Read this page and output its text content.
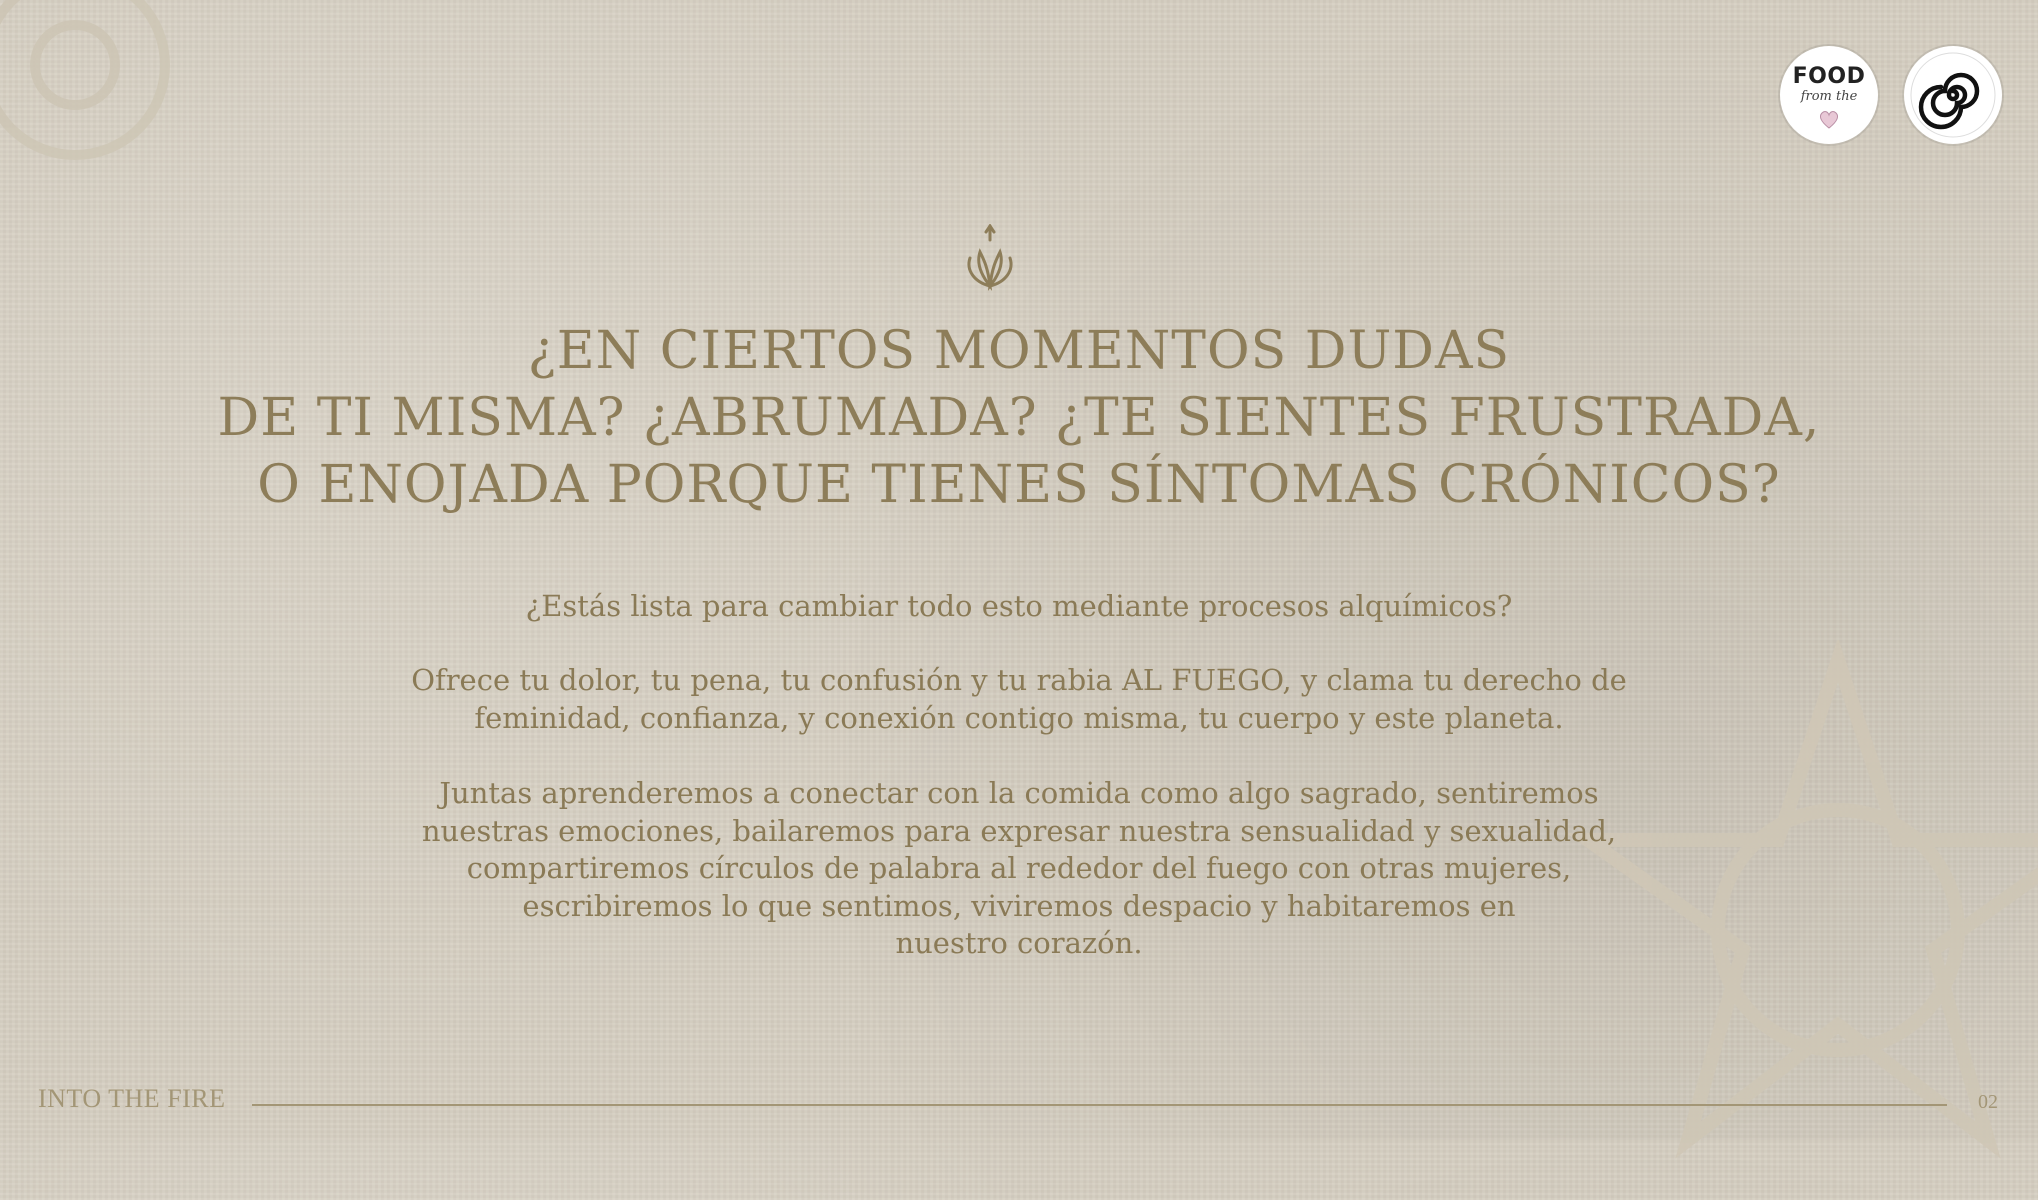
FOOD
from the
¿EN CIERTOS MOMENTOS DUDAS
DE TI MISMA? ¿ABRUMADA? ¿TE SIENTES FRUSTRADA,
O ENOJADA PORQUE TIENES SÍNTOMAS CRÓNICOS?

¿Estás lista para cambiar todo esto mediante procesos alquímicos?

Ofrece tu dolor, tu pena, tu confusión y tu rabia AL FUEGO, y clama tu derecho de
feminidad, confianza, y conexión contigo misma, tu cuerpo y este planeta.

Juntas aprenderemos a conectar con la comida como algo sagrado, sentiremos
nuestras emociones, bailaremos para expresar nuestra sensualidad y sexualidad,
compartiremos círculos de palabra al rededor del fuego con otras mujeres,
escribiremos lo que sentimos, viviremos despacio y habitaremos en
nuestro corazón.

INTO THE FIRE	02
